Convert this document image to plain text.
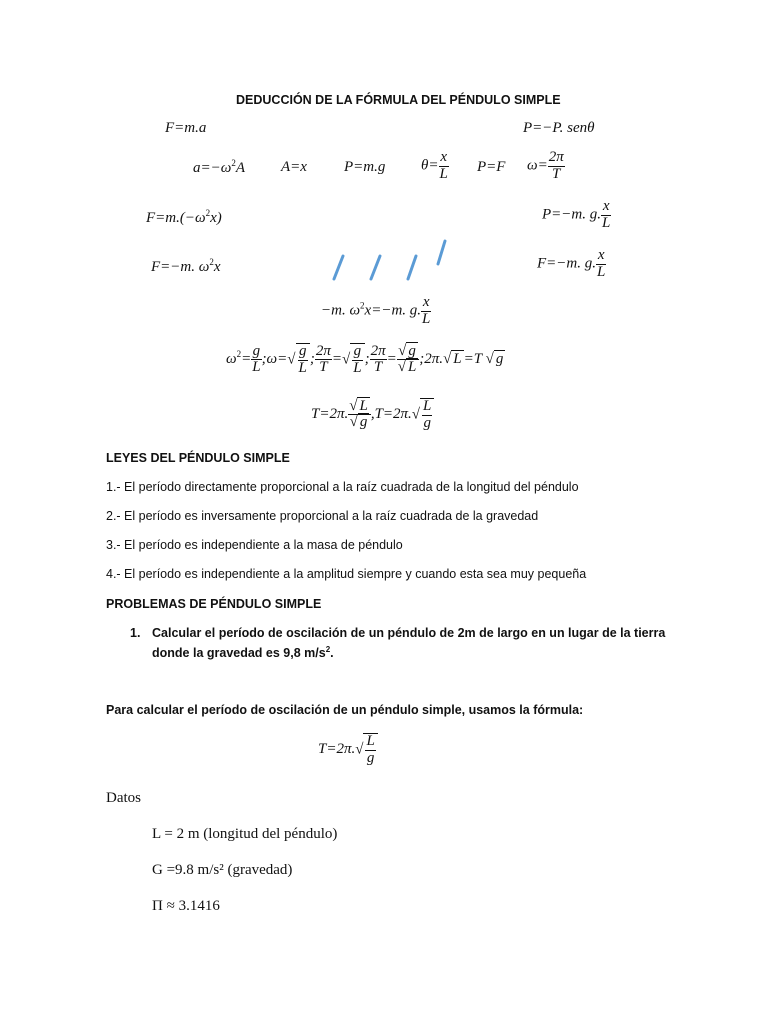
DEDUCCIÓN DE LA FÓRMULA DEL PÉNDULO SIMPLE
F=m.a	P=−P. senθ
$a=-\omega^2A$ A=x P=m.g $\theta= \frac{x}{L} P=F$ $\omega= \frac{2\pi}{T}$
$F=m.(-\omega^2x)$	P=−m. g. $\frac{x}{L}$
F=−m. $\omega^2x$	F=−m. g. $\frac{x}{L}$
−m. $\omega^2x=-m$. g. $\frac{x}{L}$
$\omega^2= \frac{g}{L}$ ;ω=√ $\frac{g}{L}$ ; $\frac{2\pi}{T}$ =√ $\frac{g}{L}$ ; $\frac{2\pi}{T} = \frac{√ g}{√ L}$ ;2π.√ L =T √ g
T=2π. $\frac{√ L}{√ g} ,T=2\pi.√ \frac{L}{g}$
LEYES DEL PÉNDULO SIMPLE
1.- El período directamente proporcional a la raíz cuadrada de la longitud del péndulo
2.- El período es inversamente proporcional a la raíz cuadrada de la gravedad
3.- El período es independiente a la masa de péndulo
4.- El período es independiente a la amplitud siempre y cuando esta sea muy pequeña
PROBLEMAS DE PÉNDULO SIMPLE
1. Calcular el período de oscilación de un péndulo de 2m de largo en un lugar de la tierra
donde la gravedad es 9,8 $m/s^2$.
Para calcular el período de oscilación de un péndulo simple, usamos la fórmula:
$T=2\pi.√ \frac{L}{g}$
Datos
L = 2 m (longitud del péndulo)
G =9.8 m/s² (gravedad)
Π ≈ 3.1416
